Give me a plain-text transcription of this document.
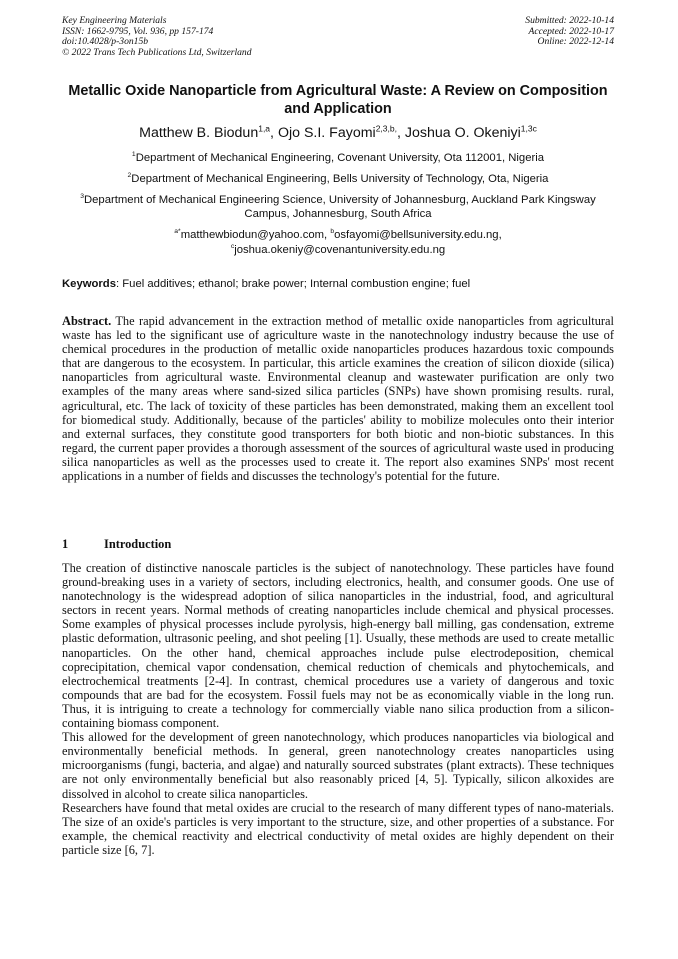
Key Engineering Materials
ISSN: 1662-9795, Vol. 936, pp 157-174
doi:10.4028/p-3on15b
© 2022 Trans Tech Publications Ltd, Switzerland
Submitted: 2022-10-14
Accepted: 2022-10-17
Online: 2022-12-14
Metallic Oxide Nanoparticle from Agricultural Waste: A Review on Composition and Application
Matthew B. Biodun$^{1,a}$, Ojo S.I. Fayomi$^{2,3,b,}$, Joshua O. Okeniyi$^{1,3c}$
$^1$Department of Mechanical Engineering, Covenant University, Ota 112001, Nigeria
$^2$Department of Mechanical Engineering, Bells University of Technology, Ota, Nigeria
$^3$Department of Mechanical Engineering Science, University of Johannesburg, Auckland Park Kingsway Campus, Johannesburg, South Africa
$^{a*}$matthewbiodun@yahoo.com, $^b$osfayomi@bellsuniversity.edu.ng,
$^c$joshua.okeniy@covenantuniversity.edu.ng
Keywords: Fuel additives; ethanol; brake power; Internal combustion engine; fuel
Abstract. The rapid advancement in the extraction method of metallic oxide nanoparticles from agricultural waste has led to the significant use of agriculture waste in the nanotechnology industry because the use of chemical procedures in the production of metallic oxide nanoparticles produces hazardous toxic compounds that are dangerous to the ecosystem. In particular, this article examines the creation of silicon dioxide (silica) nanoparticles from agricultural waste. Environmental cleanup and wastewater purification are only two examples of the many areas where sand-sized silica particles (SNPs) have shown promising results. rural, agricultural, etc. The lack of toxicity of these particles has been demonstrated, making them an excellent tool for biomedical study. Additionally, because of the particles' ability to mobilize molecules onto their interior and external surfaces, they constitute good transporters for both biotic and non-biotic substances. In this regard, the current paper provides a thorough assessment of the sources of agricultural waste used in producing silica nanoparticles as well as the processes used to create it. The report also examines SNPs' most recent applications in a number of fields and discusses the technology's potential for the future.
1	Introduction

The creation of distinctive nanoscale particles is the subject of nanotechnology. These particles have found ground-breaking uses in a variety of sectors, including electronics, health, and consumer goods. One use of nanotechnology is the widespread adoption of silica nanoparticles in the industrial, food, and agricultural sectors in recent years. Normal methods of creating nanoparticles include chemical and physical processes. Some examples of physical processes include pyrolysis, high-energy ball milling, gas condensation, extreme plastic deformation, ultrasonic peeling, and shot peeling [1]. Usually, these methods are used to create metallic nanoparticles. On the other hand, chemical approaches include pulse electrodeposition, chemical coprecipitation, chemical vapor condensation, chemical reduction of chemicals and phytochemicals, and electrochemical treatments [2-4]. In contrast, chemical procedures use a variety of dangerous and toxic compounds that are bad for the ecosystem. Fossil fuels may not be as economically viable in the long run. Thus, it is intriguing to create a technology for commercially viable nano silica production from a silicon-containing biomass component.

This allowed for the development of green nanotechnology, which produces nanoparticles via biological and environmentally beneficial methods. In general, green nanotechnology creates nanoparticles using microorganisms (fungi, bacteria, and algae) and naturally sourced substrates (plant extracts). These techniques are not only environmentally beneficial but also reasonably priced [4, 5]. Typically, silicon alkoxides are dissolved in alcohol to create silica nanoparticles.

Researchers have found that metal oxides are crucial to the research of many different types of nano-materials. The size of an oxide's particles is very important to the structure, size, and other properties of a substance. For example, the chemical reactivity and electrical conductivity of metal oxides are highly dependent on their particle size [6, 7].
